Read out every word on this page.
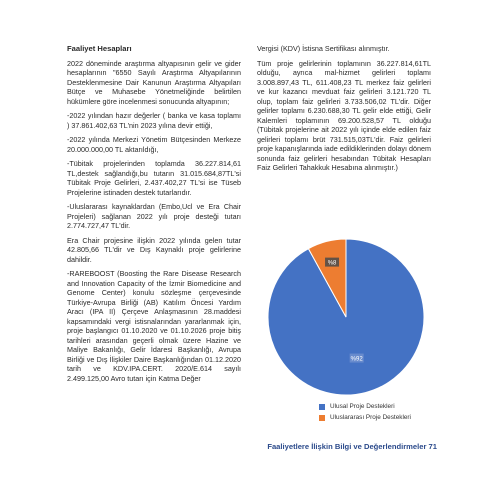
Faaliyet Hesapları

2022 döneminde araştırma altyapısının gelir ve gider hesaplarının "6550 Sayılı Araştırma Altyapılarının Desteklenmesine Dair Kanunun Araştırma Altyapıları Bütçe ve Muhasebe Yönetmeliğinde belirtilen hükümlere göre incelenmesi sonucunda altyapının;

-2022 yılından hazır değerler ( banka ve kasa toplamı ) 37.861.402,63 TL'nin 2023 yılına devir ettiği,

-2022 yılında Merkezi Yönetim Bütçesinden Merkeze 20.000.000,00 TL aktarıldığı,

-Tübitak projelerinden toplamda 36.227.814,61 TL,destek sağlandığı,bu tutarın 31.015.684,87TL'si Tübitak Proje Gelirleri, 2.437.402,27 TL'si ise Tüseb Projelerine istinaden destek tutarlarıdır.

-Uluslararası kaynaklardan (Embo,Ucl ve Era Chair Projeleri) sağlanan 2022 yılı proje desteği tutarı 2.774.727,47 TL'dir.

Era Chair projesine ilişkin 2022 yılında gelen tutar 42.805,66 TL'dir ve Dış Kaynaklı proje gelirlerine dahildir.

-RAREBOOST (Boosting the Rare Disease Research and Innovation Capacity of the İzmir Biomedicine and Genome Center) konulu sözleşme çerçevesinde Türkiye-Avrupa Birliği (AB) Katılım Öncesi Yardım Aracı (IPA II) Çerçeve Anlaşmasının 28.maddesi kapsamındaki vergi istisnalarından yararlanmak için, proje başlangıcı 01.10.2020 ve 01.10.2026 proje bitiş tarihleri arasından geçerli olmak üzere Hazine ve Maliye Bakanlığı, Gelir İdaresi Başkanlığı, Avrupa Birliği ve Dış İlişkiler Daire Başkanlığından 01.12.2020 tarih ve KDV.IPA.CERT. 2020/E.614 sayılı 2.499.125,00 Avro tutarı için Katma Değer

Vergisi (KDV) İstisna Sertifikası alınmıştır.

Tüm proje gelirlerinin toplamının 36.227.814,61TL olduğu, ayrıca mal-hizmet gelirleri toplamı 3.008.897,43 TL, 611.408,23 TL merkez faiz gelirleri ve kur kazancı mevduat faiz gelirleri 3.121.720 TL olup, toplam faiz gelirleri 3.733.506,02 TL'dir. Diğer gelirler toplamı 6.230.688,30 TL gelir elde ettiği, Gelir Kalemleri toplamının 69.200.528,57 TL olduğu (Tübitak projelerine ait 2022 yılı içinde elde edilen faiz gelirleri toplamı brüt 731.515,03TL'dir. Faiz gelirleri proje kapanışlarında iade edildiklerinden dolayı dönem sonunda faiz gelirleri hesabından Tübitak Hesapları Faiz Gelirleri Tahakkuk Hesabına alınmıştır.)

%92
%8
Ulusal Proje Destekleri
Uluslararası Proje Destekleri
Faaliyetlere İlişkin Bilgi ve Değerlendirmeler 71
